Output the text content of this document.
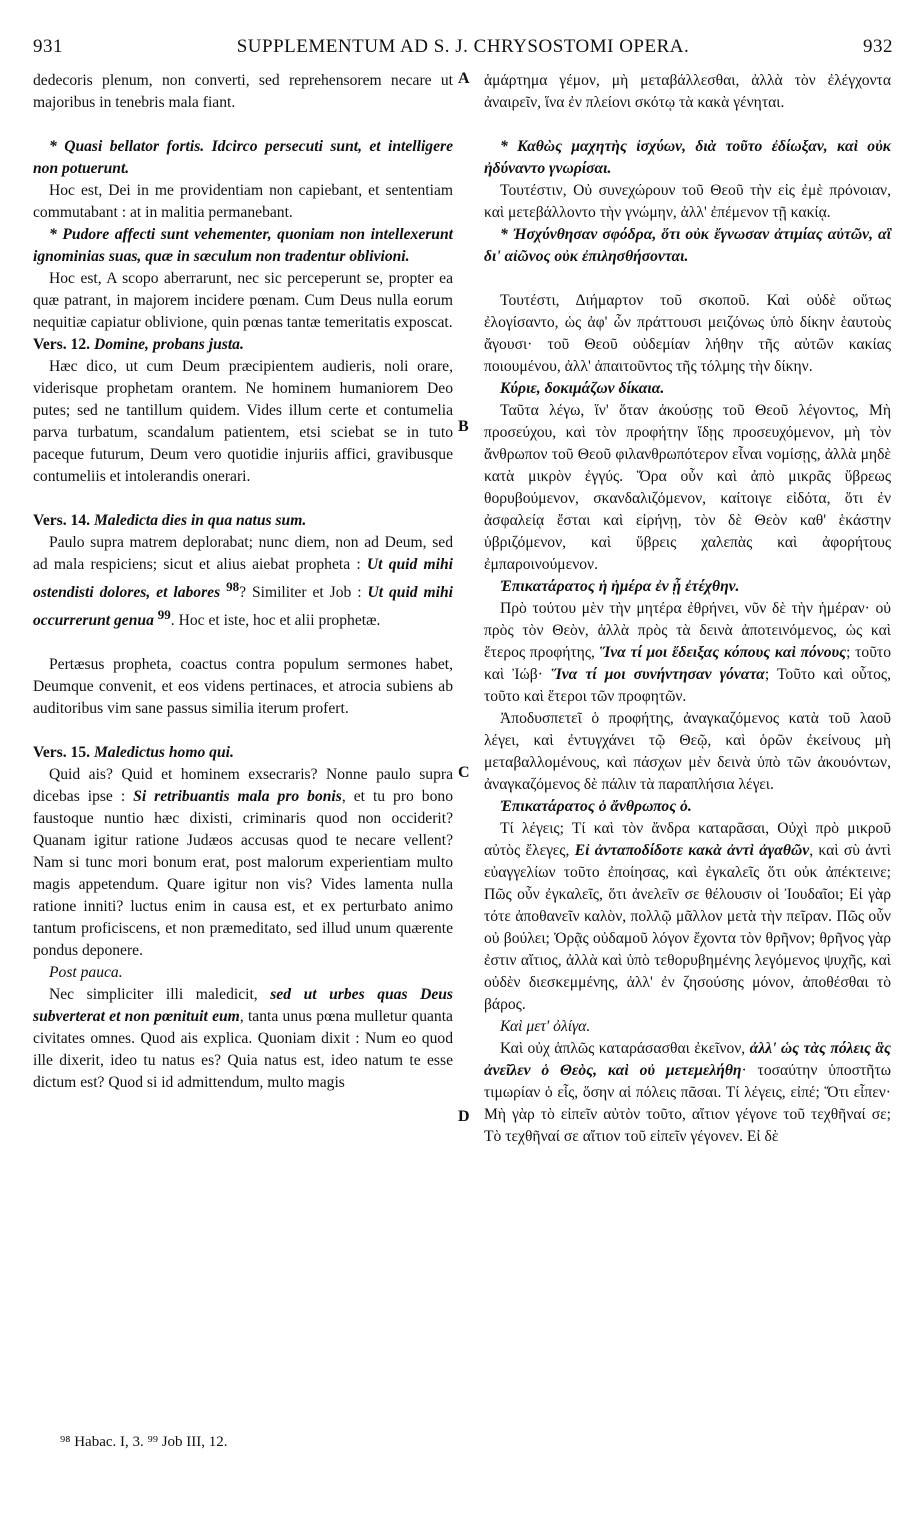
931	SUPPLEMENTUM AD S. J. CHRYSOSTOMI OPERA.	932
A
B
C
D

dedecoris plenum, non converti, sed reprehensorem necare ut majoribus in tenebris mala fiant.

* Quasi bellator fortis. Idcirco persecuti sunt, et intelligere non potuerunt.

Hoc est, Dei in me providentiam non capiebant, et sententiam commutabant : at in malitia permanebant.

* Pudore affecti sunt vehementer, quoniam non intellexerunt ignominias suas, quæ in sæculum non tradentur oblivioni.

Hoc est, A scopo aberrarunt, nec sic perceperunt se, propter ea quæ patrant, in majorem incidere pœnam. Cum Deus nulla eorum nequitiæ capiatur oblivione, quin pœnas tantæ temeritatis exposcat.

Vers. 12. Domine, probans justa.

Hæc dico, ut cum Deum præcipientem audieris, noli orare, viderisque prophetam orantem. Ne hominem humaniorem Deo putes; sed ne tantillum quidem. Vides illum certe et contumelia parva turbatum, scandalum patientem, etsi sciebat se in tuto paceque futurum, Deum vero quotidie injuriis affici, gravibusque contumeliis et intolerandis onerari.

Vers. 14. Maledicta dies in qua natus sum.

Paulo supra matrem deplorabat; nunc diem, non ad Deum, sed ad mala respiciens; sicut et alius aiebat propheta : Ut quid mihi ostendisti dolores, et labores $^{98}$? Similiter et Job : Ut quid mihi occurrerunt genua $^{99}$. Hoc et iste, hoc et alii prophetæ.

Pertæsus propheta, coactus contra populum sermones habet, Deumque convenit, et eos videns pertinaces, et atrocia subiens ab auditoribus vim sane passus similia iterum profert.

Vers. 15. Maledictus homo qui.

Quid ais? Quid et hominem exsecraris? Nonne paulo supra dicebas ipse : Si retribuantis mala pro bonis, et tu pro bono faustoque nuntio hæc dixisti, criminaris quod non occiderit? Quanam igitur ratione Judæos accusas quod te necare vellent? Nam si tunc mori bonum erat, post malorum experientiam multo magis appetendum. Quare igitur non vis? Vides lamenta nulla ratione inniti? luctus enim in causa est, et ex perturbato animo tantum proficiscens, et non præmeditato, sed illud unum quærente pondus deponere.

Post pauca.

Nec simpliciter illi maledicit, sed ut urbes quas Deus subverterat et non pœnituit eum, tanta unus pœna mulletur quanta civitates omnes. Quod ais explica. Quoniam dixit : Num eo quod ille dixerit, ideo tu natus es? Quia natus est, ideo natum te esse dictum est? Quod si id admittendum, multo magis

⁹⁸ Habac. I, 3. ⁹⁹ Job III, 12.

ἁμάρτημα γέμον, μὴ μεταβάλλεσθαι, ἀλλὰ τὸν ἐλέγχοντα ἀναιρεῖν, ἵνα ἐν πλείονι σκότῳ τὰ κακὰ γένηται.

* Καθὼς μαχητὴς ἰσχύων, διὰ τοῦτο ἐδίωξαν, καὶ οὐκ ἠδύναντο γνωρίσαι.

Τουτέστιν, Οὐ συνεχώρουν τοῦ Θεοῦ τὴν εἰς ἐμὲ πρόνοιαν, καὶ μετεβάλλοντο τὴν γνώμην, ἀλλ' ἐπέμενον τῇ κακίᾳ.

* Ἠσχύνθησαν σφόδρα, ὅτι οὐκ ἔγνωσαν ἀτιμίας αὐτῶν, αἳ δι' αἰῶνος οὐκ ἐπιλησθήσονται.

Τουτέστι, Διήμαρτον τοῦ σκοποῦ. Καὶ οὐδὲ οὕτως ἐλογίσαντο, ὡς ἀφ' ὧν πράττουσι μειζόνως ὑπὸ δίκην ἑαυτοὺς ἄγουσι· τοῦ Θεοῦ οὐδεμίαν λήθην τῆς αὐτῶν κακίας ποιουμένου, ἀλλ' ἀπαιτοῦντος τῆς τόλμης τὴν δίκην.

Κύριε, δοκιμάζων δίκαια.

Ταῦτα λέγω, ἵν' ὅταν ἀκούσῃς τοῦ Θεοῦ λέγοντος, Μὴ προσεύχου, καὶ τὸν προφήτην ἴδῃς προσευχόμενον, μὴ τὸν ἄνθρωπον τοῦ Θεοῦ φιλανθρωπότερον εἶναι νομίσῃς, ἀλλὰ μηδὲ κατὰ μικρὸν ἐγγύς. Ὅρα οὖν καὶ ἀπὸ μικρᾶς ὕβρεως θορυβούμενον, σκανδαλιζόμενον, καίτοιγε εἰδότα, ὅτι ἐν ἀσφαλείᾳ ἔσται καὶ εἰρήνῃ, τὸν δὲ Θεὸν καθ' ἑκάστην ὑβριζόμενον, καὶ ὕβρεις χαλεπὰς καὶ ἀφορήτους ἐμπαροινούμενον.

Ἐπικατάρατος ἡ ἡμέρα ἐν ᾗ ἐτέχθην.

Πρὸ τούτου μὲν τὴν μητέρα ἐθρήνει, νῦν δὲ τὴν ἡμέραν· οὐ πρὸς τὸν Θεὸν, ἀλλὰ πρὸς τὰ δεινὰ ἀποτεινόμενος, ὡς καὶ ἕτερος προφήτης, Ἵνα τί μοι ἔδειξας κόπους καὶ πόνους; τοῦτο καὶ Ἰώβ· Ἵνα τί μοι συνήντησαν γόνατα; Τοῦτο καὶ οὗτος, τοῦτο καὶ ἕτεροι τῶν προφητῶν.

Ἀποδυσπετεῖ ὁ προφήτης, ἀναγκαζόμενος κατὰ τοῦ λαοῦ λέγει, καὶ ἐντυγχάνει τῷ Θεῷ, καὶ ὁρῶν ἐκείνους μὴ μεταβαλλομένους, καὶ πάσχων μὲν δεινὰ ὑπὸ τῶν ἀκουόντων, ἀναγκαζόμενος δὲ πάλιν τὰ παραπλήσια λέγει.

Ἐπικατάρατος ὁ ἄνθρωπος ὁ.

Τί λέγεις; Τί καὶ τὸν ἄνδρα καταρᾶσαι, Οὐχὶ πρὸ μικροῦ αὐτὸς ἔλεγες, Εἰ ἀνταποδίδοτε κακὰ ἀντὶ ἀγαθῶν, καὶ σὺ ἀντὶ εὐαγγελίων τοῦτο ἐποίησας, καὶ ἐγκαλεῖς ὅτι οὐκ ἀπέκτεινε; Πῶς οὖν ἐγκαλεῖς, ὅτι ἀνελεῖν σε θέλουσιν οἱ Ἰουδαῖοι; Εἰ γὰρ τότε ἀποθανεῖν καλὸν, πολλῷ μᾶλλον μετὰ τὴν πεῖραν. Πῶς οὖν οὐ βούλει; Ὁρᾷς οὐδαμοῦ λόγον ἔχοντα τὸν θρῆνον; θρῆνος γὰρ ἐστιν αἴτιος, ἀλλὰ καὶ ὑπὸ τεθορυβημένης λεγόμενος ψυχῆς, καὶ οὐδὲν διεσκεμμένης, ἀλλ' ἐν ζησούσης μόνον, ἀποθέσθαι τὸ βάρος.

Καὶ μετ' ὀλίγα.

Καὶ οὐχ ἁπλῶς καταράσασθαι ἐκεῖνον, ἀλλ' ὡς τὰς πόλεις ἃς ἀνεῖλεν ὁ Θεὸς, καὶ οὐ μετεμελήθη· τοσαύτην ὑποστῆτω τιμωρίαν ὁ εἷς, ὅσην αἱ πόλεις πᾶσαι. Τί λέγεις, εἰπέ; Ὅτι εἶπεν· Μὴ γὰρ τὸ εἰπεῖν αὐτὸν τοῦτο, αἴτιον γέγονε τοῦ τεχθῆναί σε; Τὸ τεχθῆναί σε αἴτιον τοῦ εἰπεῖν γέγονεν. Εἰ δὲ
